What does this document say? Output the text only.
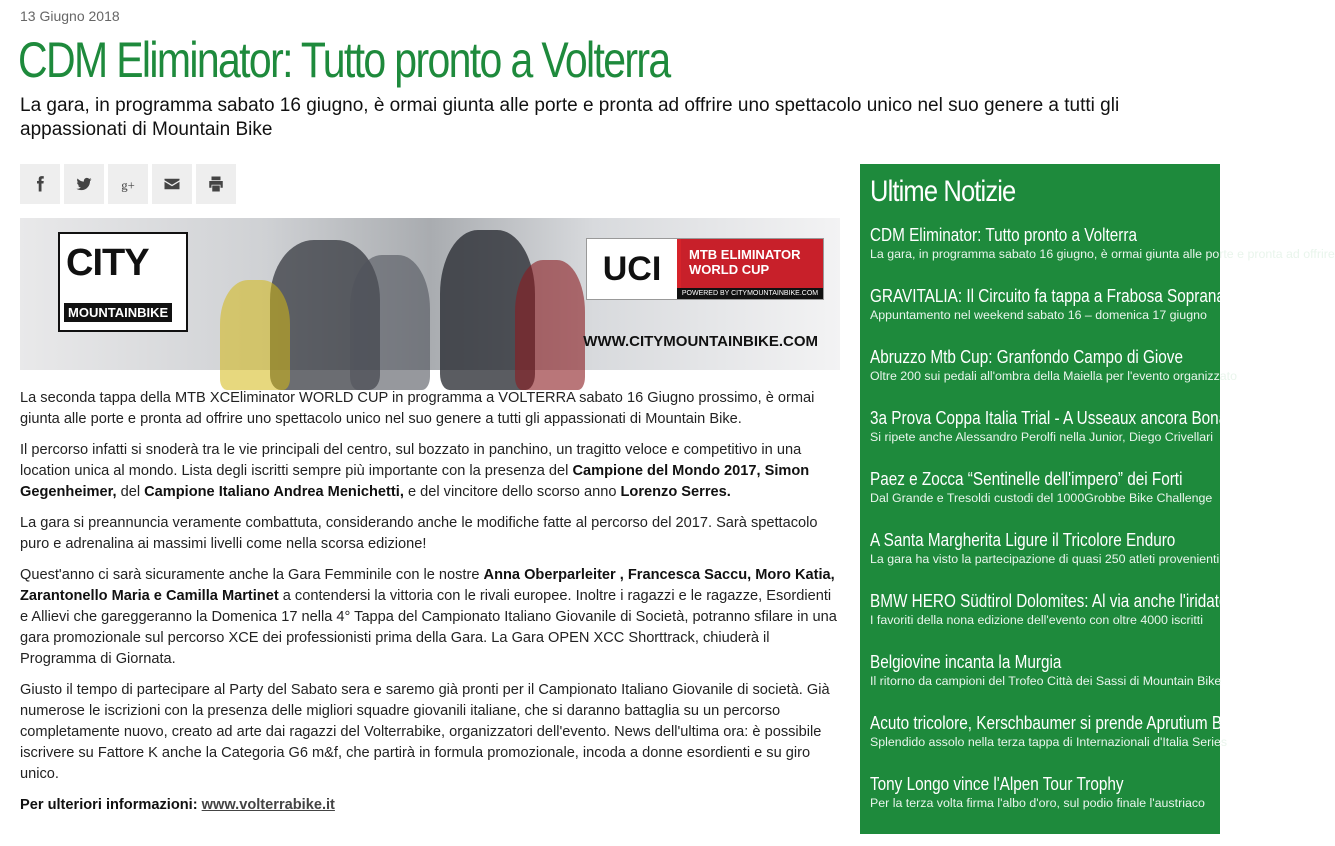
13 Giugno 2018
CDM Eliminator: Tutto pronto a Volterra

La gara, in programma sabato 16 giugno, è ormai giunta alle porte e pronta ad offrire uno spettacolo unico nel suo genere a tutti gli appassionati di Mountain Bike

g+
CITY
MOUNTAINBIKE
UCI	MTB ELIMINATOR
WORLD CUP
POWERED BY CITYMOUNTAINBIKE.COM
WWW.CITYMOUNTAINBIKE.COM

La seconda tappa della MTB XCEliminator WORLD CUP in programma a VOLTERRA sabato 16 Giugno prossimo, è ormai giunta alle porte e pronta ad offrire uno spettacolo unico nel suo genere a tutti gli appassionati di Mountain Bike.

Il percorso infatti si snoderà tra le vie principali del centro, sul bozzato in panchino, un tragitto veloce e competitivo in una location unica al mondo. Lista degli iscritti sempre più importante con la presenza del Campione del Mondo 2017, Simon Gegenheimer, del Campione Italiano Andrea Menichetti, e del vincitore dello scorso anno Lorenzo Serres.

La gara si preannuncia veramente combattuta, considerando anche le modifiche fatte al percorso del 2017. Sarà spettacolo puro e adrenalina ai massimi livelli come nella scorsa edizione!

Quest'anno ci sarà sicuramente anche la Gara Femminile con le nostre Anna Oberparleiter , Francesca Saccu, Moro Katia, Zarantonello Maria e Camilla Martinet a contendersi la vittoria con le rivali europee. Inoltre i ragazzi e le ragazze, Esordienti e Allievi che gareggeranno la Domenica 17 nella 4° Tappa del Campionato Italiano Giovanile di Società, potranno sfilare in una gara promozionale sul percorso XCE dei professionisti prima della Gara. La Gara OPEN XCC Shorttrack, chiuderà il Programma di Giornata.

Giusto il tempo di partecipare al Party del Sabato sera e saremo già pronti per il Campionato Italiano Giovanile di società. Già numerose le iscrizioni con la presenza delle migliori squadre giovanili italiane, che si daranno battaglia su un percorso completamente nuovo, creato ad arte dai ragazzi del Volterrabike, organizzatori dell'evento. News dell'ultima ora: è possibile iscrivere su Fattore K anche la Categoria G6 m&f, che partirà in formula promozionale, incoda a donne esordienti e su giro unico.

Per ulteriori informazioni: www.volterrabike.it

Ultime Notizie
CDM Eliminator: Tutto pronto a Volterra
La gara, in programma sabato 16 giugno, è ormai giunta alle porte e pronta ad offrire
GRAVITALIA: Il Circuito fa tappa a Frabosa Soprana
Appuntamento nel weekend sabato 16 – domenica 17 giugno
Abruzzo Mtb Cup: Granfondo Campo di Giove
Oltre 200 sui pedali all'ombra della Maiella per l'evento organizzato
3a Prova Coppa Italia Trial - A Usseaux ancora Bonaldi
Si ripete anche Alessandro Perolfi nella Junior, Diego Crivellari
Paez e Zocca “Sentinelle dell'impero” dei Forti
Dal Grande e Tresoldi custodi del 1000Grobbe Bike Challenge
A Santa Margherita Ligure il Tricolore Enduro
La gara ha visto la partecipazione di quasi 250 atleti provenienti
BMW HERO Südtirol Dolomites: Al via anche l'iridato
I favoriti della nona edizione dell'evento con oltre 4000 iscritti
Belgiovine incanta la Murgia
Il ritorno da campioni del Trofeo Città dei Sassi di Mountain Bike
Acuto tricolore, Kerschbaumer si prende Aprutium Bike
Splendido assolo nella terza tappa di Internazionali d'Italia Series
Tony Longo vince l'Alpen Tour Trophy
Per la terza volta firma l'albo d'oro, sul podio finale l'austriaco
